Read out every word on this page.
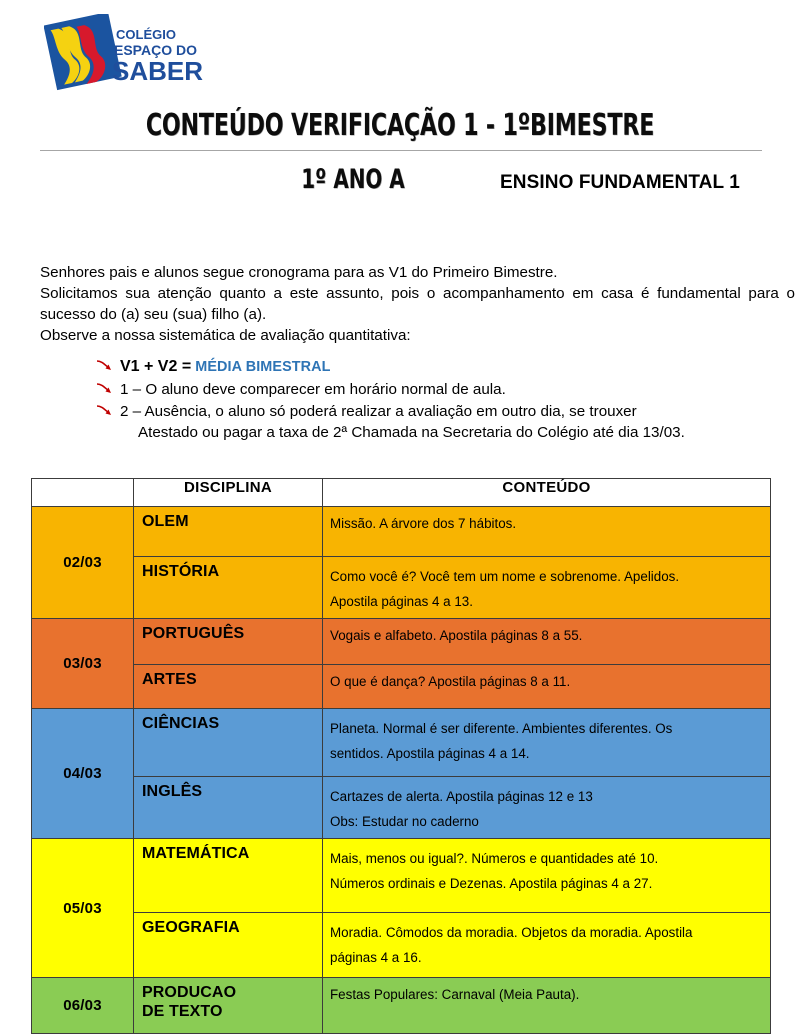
COLÉGIO
ESPAÇO DO
SABER
CONTEÚDO VERIFICAÇÃO 1 - 1ºBIMESTRE
1º ANO A	ENSINO FUNDAMENTAL 1

Senhores pais e alunos segue cronograma para as V1 do Primeiro Bimestre.

Solicitamos sua atenção quanto a este assunto, pois o acompanhamento em casa é fundamental para o sucesso do (a) seu (sua) filho (a).

Observe a nossa sistemática de avaliação quantitativa:

V1 + V2 = MÉDIA BIMESTRAL
1 – O aluno deve comparecer em horário normal de aula.
2 – Ausência, o aluno só poderá realizar a avaliação em outro dia, se trouxer
Atestado ou pagar a taxa de 2ª Chamada na Secretaria do Colégio até dia 13/03.
	DISCIPLINA	CONTEÚDO
02/03	OLEM	Missão. A árvore dos 7 hábitos.

	HISTÓRIA	Como você é? Você tem um nome e sobrenome. Apelidos.
Apostila páginas 4 a 13.

03/03	PORTUGUÊS	Vogais e alfabeto. Apostila páginas 8 a 55.

	ARTES	O que é dança? Apostila páginas 8 a 11.

04/03	CIÊNCIAS	Planeta. Normal é ser diferente. Ambientes diferentes. Os
sentidos. Apostila páginas 4 a 14.

	INGLÊS	Cartazes de alerta. Apostila páginas 12 e 13
Obs: Estudar no caderno

05/03	MATEMÁTICA	Mais, menos ou igual?. Números e quantidades até 10.
Números ordinais e Dezenas. Apostila páginas 4 a 27.

	GEOGRAFIA	Moradia. Cômodos da moradia. Objetos da moradia. Apostila
páginas 4 a 16.

06/03	PRODUCAO
DE TEXTO	Festas Populares: Carnaval (Meia Pauta).
